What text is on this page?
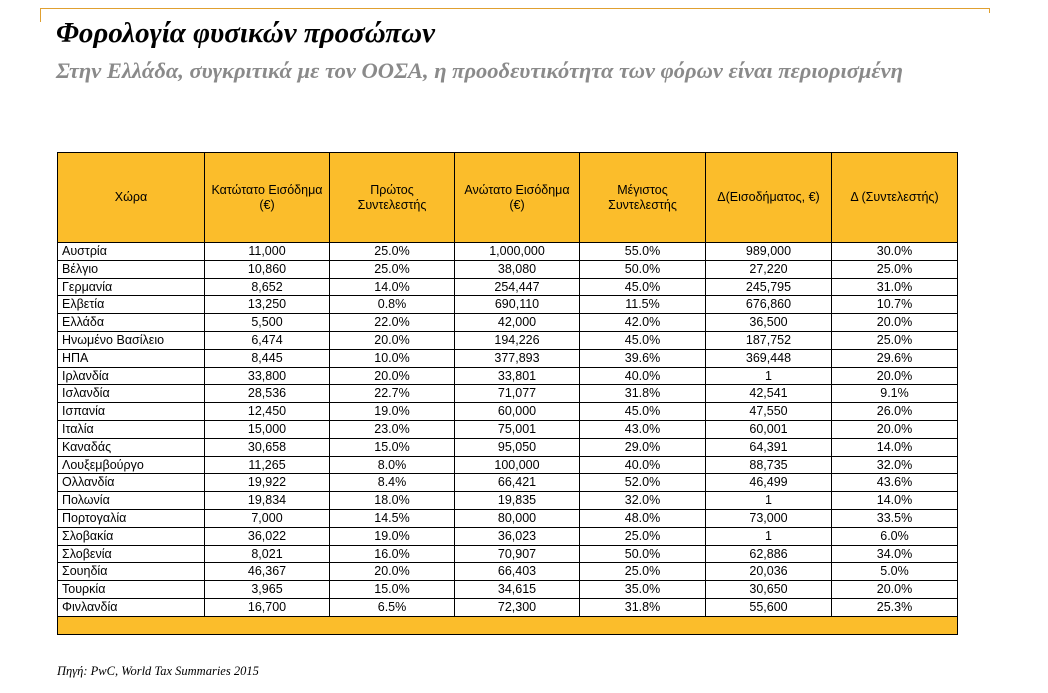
Φορολογία φυσικών προσώπων

Στην Ελλάδα, συγκριτικά με τον ΟΟΣΑ, η προοδευτικότητα των φόρων είναι περιορισμένη

Χώρα	Κατώτατο Εισόδημα (€)	Πρώτος Συντελεστής	Ανώτατο Εισόδημα (€)	Μέγιστος Συντελεστής	Δ(Εισοδήματος, €)	Δ (Συντελεστής)
Αυστρία	11,000	25.0%	1,000,000	55.0%	989,000	30.0%
Βέλγιο	10,860	25.0%	38,080	50.0%	27,220	25.0%
Γερμανία	8,652	14.0%	254,447	45.0%	245,795	31.0%
Ελβετία	13,250	0.8%	690,110	11.5%	676,860	10.7%
Ελλάδα	5,500	22.0%	42,000	42.0%	36,500	20.0%
Ηνωμένο Βασίλειο	6,474	20.0%	194,226	45.0%	187,752	25.0%
ΗΠΑ	8,445	10.0%	377,893	39.6%	369,448	29.6%
Ιρλανδία	33,800	20.0%	33,801	40.0%	1	20.0%
Ισλανδία	28,536	22.7%	71,077	31.8%	42,541	9.1%
Ισπανία	12,450	19.0%	60,000	45.0%	47,550	26.0%
Ιταλία	15,000	23.0%	75,001	43.0%	60,001	20.0%
Καναδάς	30,658	15.0%	95,050	29.0%	64,391	14.0%
Λουξεμβούργο	11,265	8.0%	100,000	40.0%	88,735	32.0%
Ολλανδία	19,922	8.4%	66,421	52.0%	46,499	43.6%
Πολωνία	19,834	18.0%	19,835	32.0%	1	14.0%
Πορτογαλία	7,000	14.5%	80,000	48.0%	73,000	33.5%
Σλοβακία	36,022	19.0%	36,023	25.0%	1	6.0%
Σλοβενία	8,021	16.0%	70,907	50.0%	62,886	34.0%
Σουηδία	46,367	20.0%	66,403	25.0%	20,036	5.0%
Τουρκία	3,965	15.0%	34,615	35.0%	30,650	20.0%
Φινλανδία	16,700	6.5%	72,300	31.8%	55,600	25.3%

Πηγή: PwC, World Tax Summaries 2015
